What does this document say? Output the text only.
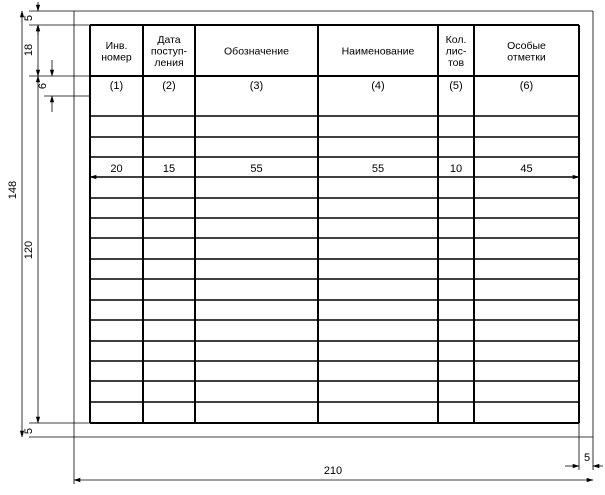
Инв.
номер
(1)
20
Дата
поступ-
ления
(2)
15
Обозначение
(3)
55
Наименование
(4)
55
Кол.
лис-
тов
(5)
10
Особые
отметки
(6)
45
5
18
6
148
120
5
5
210
